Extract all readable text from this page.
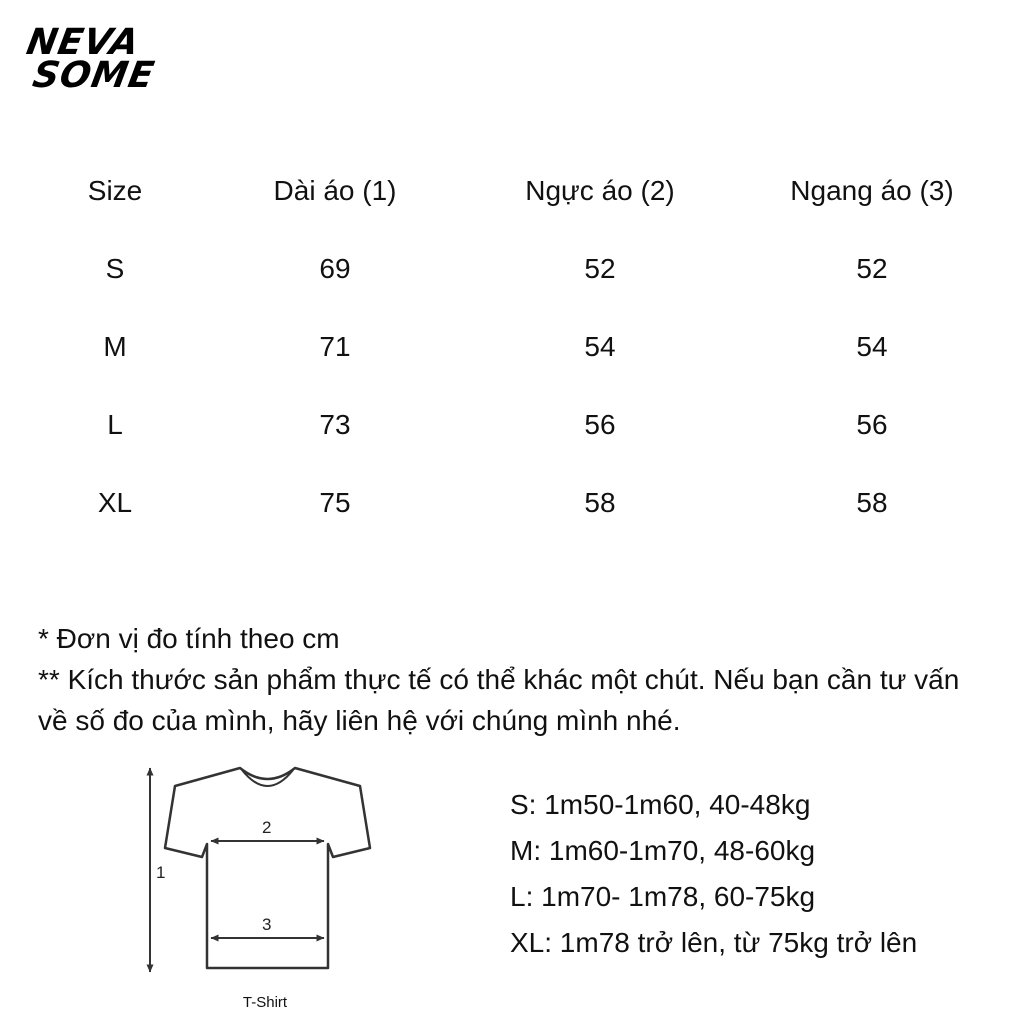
NEVA
SOME
Size	Dài áo (1)	Ngực áo (2)	Ngang áo (3)
S	69	52	52
M	71	54	54
L	73	56	56
XL	75	58	58

* Đơn vị đo tính theo cm

** Kích thước sản phẩm thực tế có thể khác một chút. Nếu bạn cần tư vấn về số đo của mình, hãy liên hệ với chúng mình nhé.

1
2
3
T-Shirt
S: 1m50-1m60, 40-48kg
M: 1m60-1m70, 48-60kg
L: 1m70- 1m78, 60-75kg
XL: 1m78 trở lên, từ 75kg trở lên
